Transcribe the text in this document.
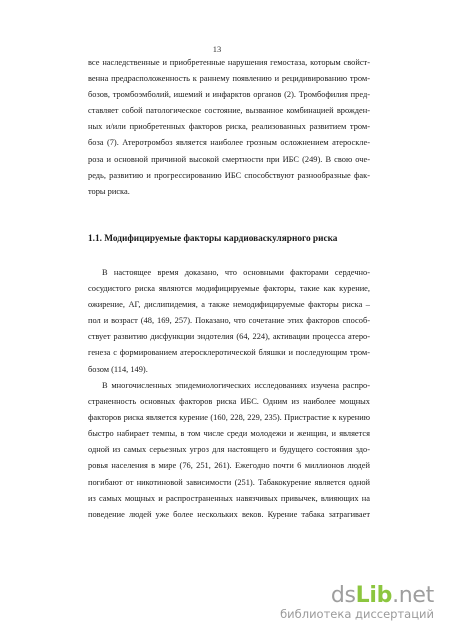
13
все наследственные и приобретенные нарушения гемостаза, которым свойст-
венна предрасположенность к раннему появлению и рецидивированию тром-
бозов, тромбоэмболий, ишемий и инфарктов органов (2). Тромбофилия пред-
ставляет собой патологическое состояние, вызванное комбинацией врожден-
ных и/или приобретенных факторов риска, реализованных развитием тром-
боза (7). Атеротромбоз является наиболее грозным осложнением атероскле-
роза и основной причиной высокой смертности при ИБС (249). В свою оче-
редь, развитию и прогрессированию ИБС способствуют разнообразные фак-
торы риска.
1.1. Модифицируемые факторы кардиоваскулярного риска
В настоящее время доказано, что основными факторами сердечно-
сосудистого риска являются модифицируемые факторы, такие как курение,
ожирение, АГ, дислипидемия, а также немодифицируемые факторы риска –
пол и возраст (48, 169, 257). Показано, что сочетание этих факторов способ-
ствует развитию дисфункции эндотелия (64, 224), активации процесса атеро-
генеза с формированием атеросклеротической бляшки и последующим тром-
бозом (114, 149).
В многочисленных эпидемиологических исследованиях изучена распро-
страненность основных факторов риска ИБС. Одним из наиболее мощных
факторов риска является курение (160, 228, 229, 235). Пристрастие к курению
быстро набирает темпы, в том числе среди молодежи и женщин, и является
одной из самых серьезных угроз для настоящего и будущего состояния здо-
ровья населения в мире (76, 251, 261). Ежегодно почти 6 миллионов людей
погибают от никотиновой зависимости (251). Табакокурение является одной
из самых мощных и распространенных навязчивых привычек, влияющих на
поведение людей уже более нескольких веков. Курение табака затрагивает
dsLib.net
библиотека диссертаций
